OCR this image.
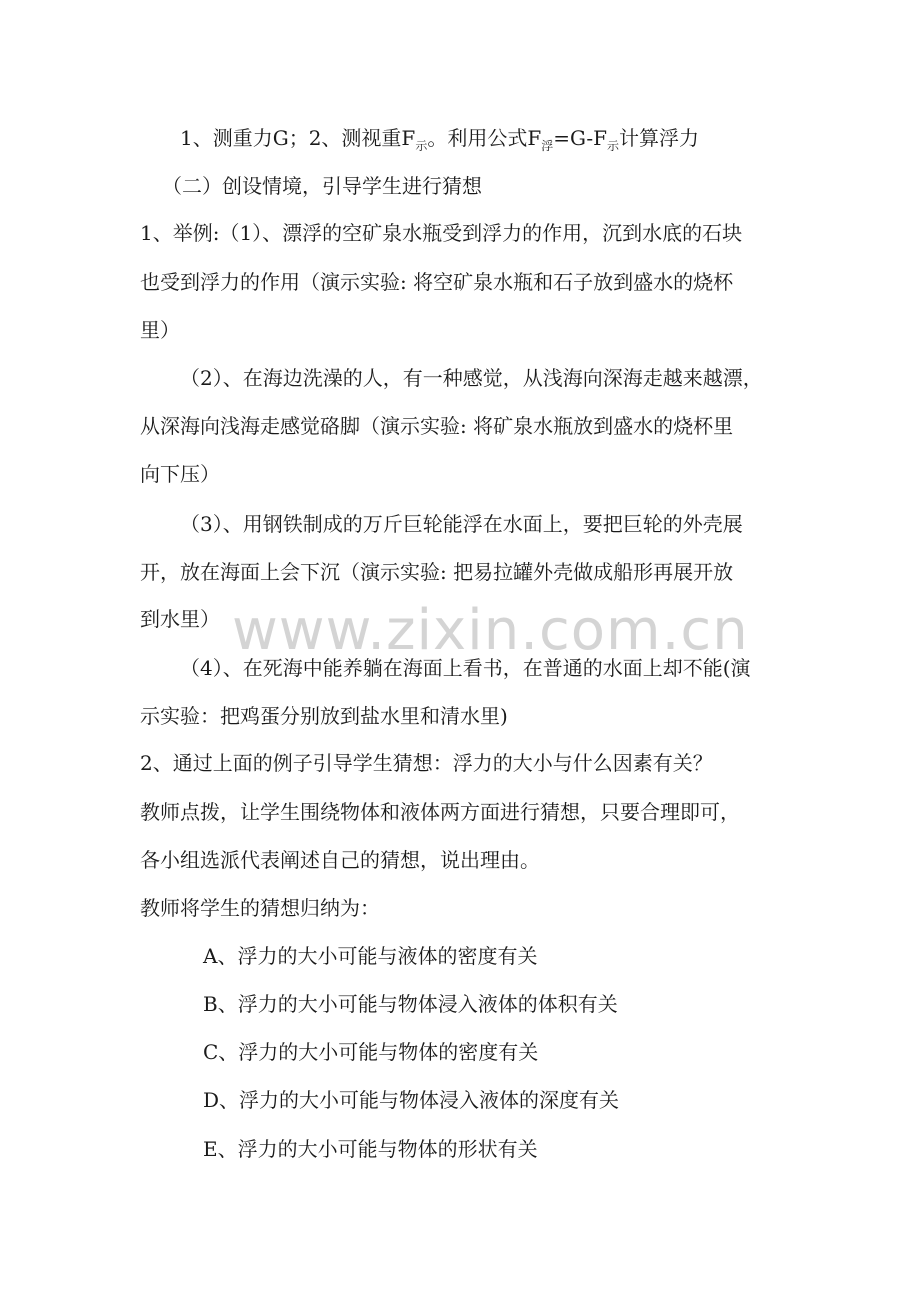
1、测重力G；2、测视重$F_示$。利用公式$F_浮=G-F_示$计算浮力
（二）创设情境，引导学生进行猜想
1、举例:（1）、漂浮的空矿泉水瓶受到浮力的作用，沉到水底的石块
也受到浮力的作用（演示实验: 将空矿泉水瓶和石子放到盛水的烧杯
里）
（2）、在海边洗澡的人，有一种感觉，从浅海向深海走越来越漂，
从深海向浅海走感觉硌脚（演示实验: 将矿泉水瓶放到盛水的烧杯里
向下压）
（3）、用钢铁制成的万斤巨轮能浮在水面上，要把巨轮的外壳展
开，放在海面上会下沉（演示实验: 把易拉罐外壳做成船形再展开放
到水里）
（4）、在死海中能养躺在海面上看书，在普通的水面上却不能(演
示实验：把鸡蛋分别放到盐水里和清水里)
2、通过上面的例子引导学生猜想：浮力的大小与什么因素有关？
教师点拨，让学生围绕物体和液体两方面进行猜想，只要合理即可，
各小组选派代表阐述自己的猜想，说出理由。
教师将学生的猜想归纳为：
A、浮力的大小可能与液体的密度有关
B、浮力的大小可能与物体浸入液体的体积有关
C、浮力的大小可能与物体的密度有关
D、浮力的大小可能与物体浸入液体的深度有关
E、浮力的大小可能与物体的形状有关
www.zixin.com.cn
